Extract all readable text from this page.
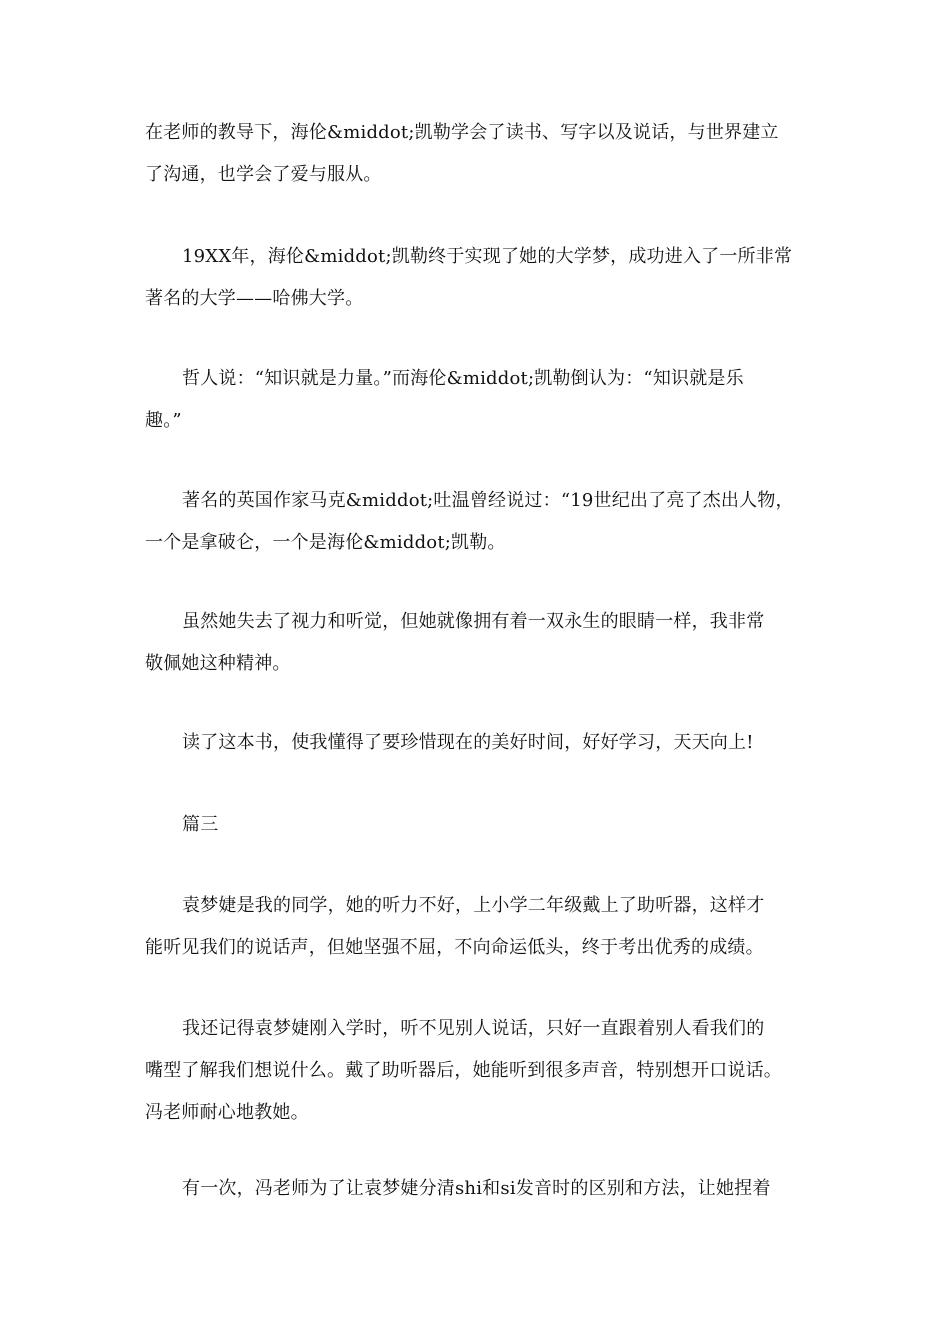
在老师的教导下，海伦&middot;凯勒学会了读书、写字以及说话，与世界建立
了沟通，也学会了爱与服从。

19XX年，海伦&middot;凯勒终于实现了她的大学梦，成功进入了一所非常
著名的大学——哈佛大学。

哲人说：“知识就是力量。”而海伦&middot;凯勒倒认为：“知识就是乐
趣。”

著名的英国作家马克&middot;吐温曾经说过：“19世纪出了亮了杰出人物，
一个是拿破仑，一个是海伦&middot;凯勒。

虽然她失去了视力和听觉，但她就像拥有着一双永生的眼睛一样，我非常
敬佩她这种精神。

读了这本书，使我懂得了要珍惜现在的美好时间，好好学习，天天向上!

篇三

袁梦婕是我的同学，她的听力不好，上小学二年级戴上了助听器，这样才
能听见我们的说话声，但她坚强不屈，不向命运低头，终于考出优秀的成绩。

我还记得袁梦婕刚入学时，听不见别人说话，只好一直跟着别人看我们的
嘴型了解我们想说什么。戴了助听器后，她能听到很多声音，特别想开口说话。
冯老师耐心地教她。

有一次，冯老师为了让袁梦婕分清shi和si发音时的区别和方法，让她捏着
